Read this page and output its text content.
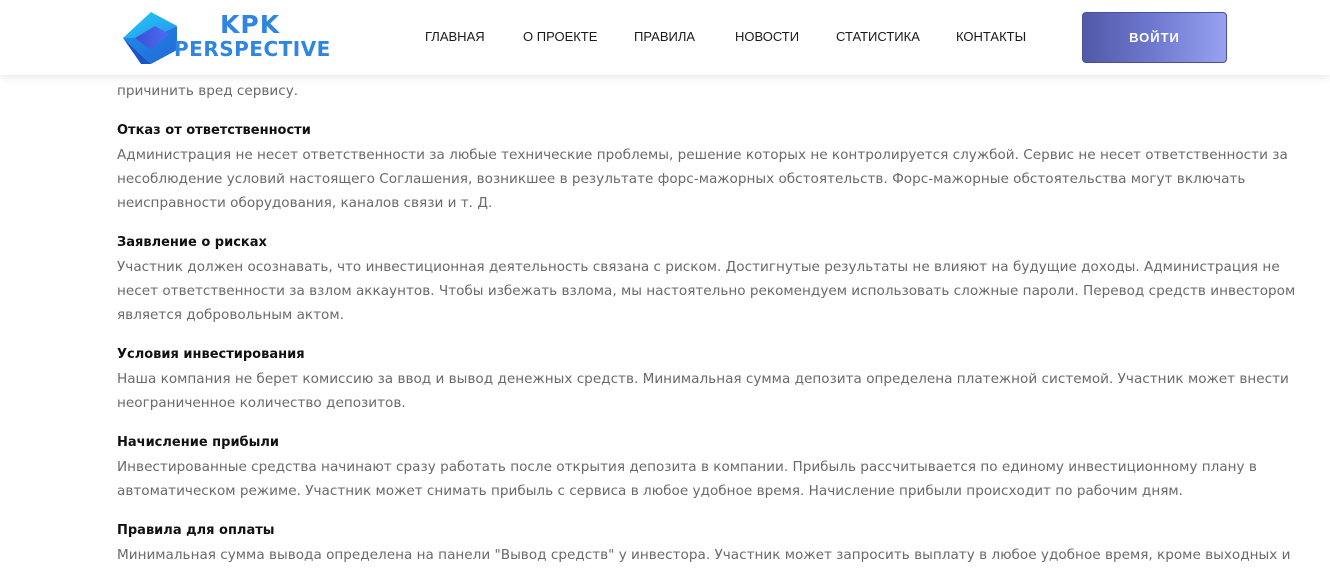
причинить вред сервису.
Отказ от ответственности
Администрация не несет ответственности за любые технические проблемы, решение которых не контролируется службой. Сервис не несет ответственности за
несоблюдение условий настоящего Соглашения, возникшее в результате форс-мажорных обстоятельств. Форс-мажорные обстоятельства могут включать
неисправности оборудования, каналов связи и т. Д.
Заявление о рисках
Участник должен осознавать, что инвестиционная деятельность связана с риском. Достигнутые результаты не влияют на будущие доходы. Администрация не
несет ответственности за взлом аккаунтов. Чтобы избежать взлома, мы настоятельно рекомендуем использовать сложные пароли. Перевод средств инвестором
является добровольным актом.
Условия инвестирования
Наша компания не берет комиссию за ввод и вывод денежных средств. Минимальная сумма депозита определена платежной системой. Участник может внести
неограниченное количество депозитов.
Начисление прибыли
Инвестированные средства начинают сразу работать после открытия депозита в компании. Прибыль рассчитывается по единому инвестиционному плану в
автоматическом режиме. Участник может снимать прибыль с сервиса в любое удобное время. Начисление прибыли происходит по рабочим дням.
Правила для оплаты
Минимальная сумма вывода определена на панели "Вывод средств" у инвестора. Участник может запросить выплату в любое удобное время, кроме выходных и
KPK
PERSPECTIVE
ГЛАВНАЯ	О ПРОЕКТЕ	ПРАВИЛА	НОВОСТИ	СТАТИСТИКА	КОНТАКТЫ	ВОЙТИ
